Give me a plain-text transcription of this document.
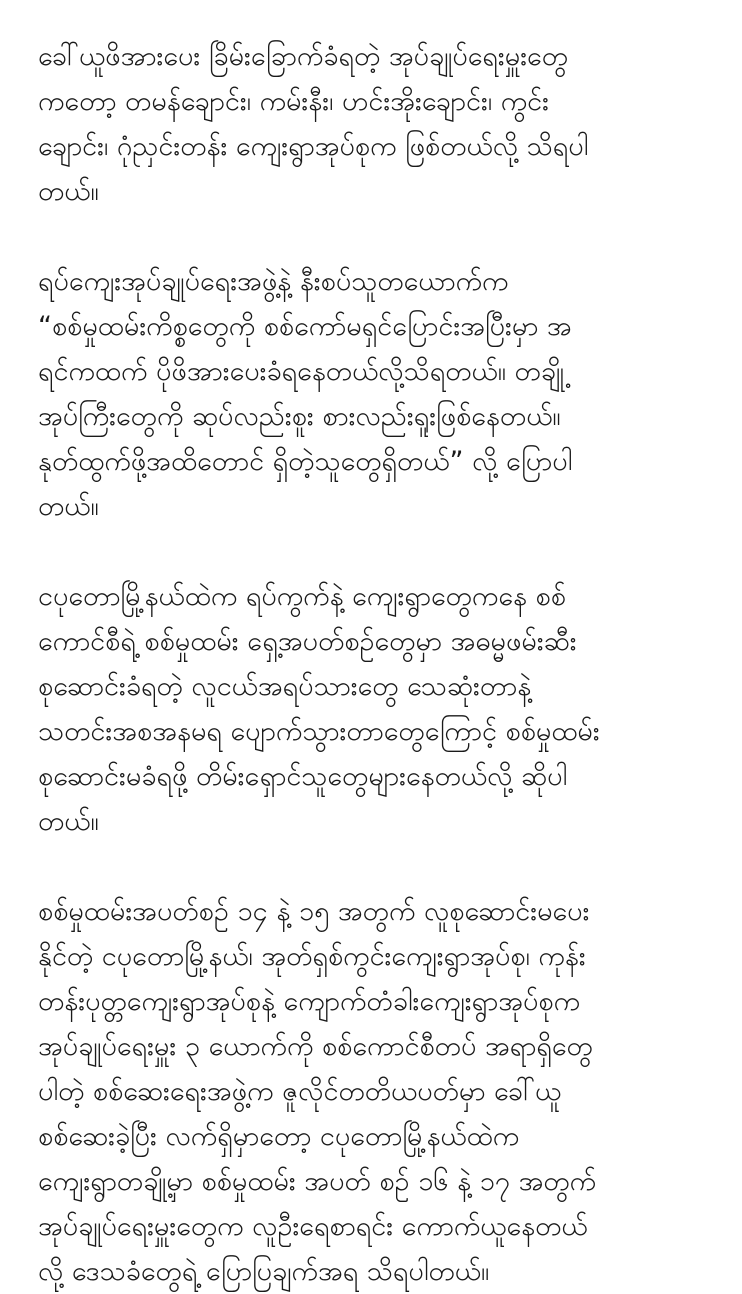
ခေါ်ယူဖိအားပေး ခြိမ်းခြောက်ခံရတဲ့ အုပ်ချုပ်ရေးမှူးတွေ
ကတော့ တမန်ချောင်း၊ ကမ်းနီး၊ ဟင်းအိုးချောင်း၊ ကွင်း
ချောင်း၊ ဂုံညှင်းတန်း ကျေးရွာအုပ်စုက ဖြစ်တယ်လို့ သိရပါ
တယ်။

ရပ်ကျေးအုပ်ချုပ်ရေးအဖွဲ့နဲ့ နီးစပ်သူတယောက်က
“စစ်မှုထမ်းကိစ္စတွေကို စစ်ကော်မရှင်ပြောင်းအပြီးမှာ အ
ရင်ကထက် ပိုဖိအားပေးခံရနေတယ်လို့သိရတယ်။ တချို့
အုပ်ကြီးတွေကို ဆုပ်လည်းစူး စားလည်းရူးဖြစ်နေတယ်။
နုတ်ထွက်ဖို့အထိတောင် ရှိတဲ့သူတွေရှိတယ်” လို့ ပြောပါ
တယ်။

ငပုတောမြို့နယ်ထဲက ရပ်ကွက်နဲ့ ကျေးရွာတွေကနေ စစ်
ကောင်စီရဲ့ စစ်မှုထမ်း ရှေ့အပတ်စဉ်တွေမှာ အဓမ္မဖမ်းဆီး
စုဆောင်းခံရတဲ့ လူငယ်အရပ်သားတွေ သေဆုံးတာနဲ့
သတင်းအစအနမရ ပျောက်သွားတာတွေကြောင့် စစ်မှုထမ်း
စုဆောင်းမခံရဖို့ တိမ်းရှောင်သူတွေများနေတယ်လို့ ဆိုပါ
တယ်။

စစ်မှုထမ်းအပတ်စဉ် ၁၄ နဲ့ ၁၅ အတွက် လူစုဆောင်းမပေး
နိုင်တဲ့ ငပုတောမြို့နယ်၊ အုတ်ရှစ်ကွင်းကျေးရွာအုပ်စု၊ ကုန်း
တန်းပုတ္တကျေးရွာအုပ်စုနဲ့ ကျောက်တံခါးကျေးရွာအုပ်စုက
အုပ်ချုပ်ရေးမှူး ၃ ယောက်ကို စစ်ကောင်စီတပ် အရာရှိတွေ
ပါတဲ့ စစ်ဆေးရေးအဖွဲ့က ဇူလိုင်တတိယပတ်မှာ ခေါ်ယူ
စစ်ဆေးခဲ့ပြီး လက်ရှိမှာတော့ ငပုတောမြို့နယ်ထဲက
ကျေးရွာတချို့မှာ စစ်မှုထမ်း အပတ် စဉ် ၁၆ နဲ့ ၁၇ အတွက်
အုပ်ချုပ်ရေးမှူးတွေက လူဦးရေစာရင်း ကောက်ယူနေတယ်
လို့ ဒေသခံတွေရဲ့ ပြောပြချက်အရ သိရပါတယ်။
